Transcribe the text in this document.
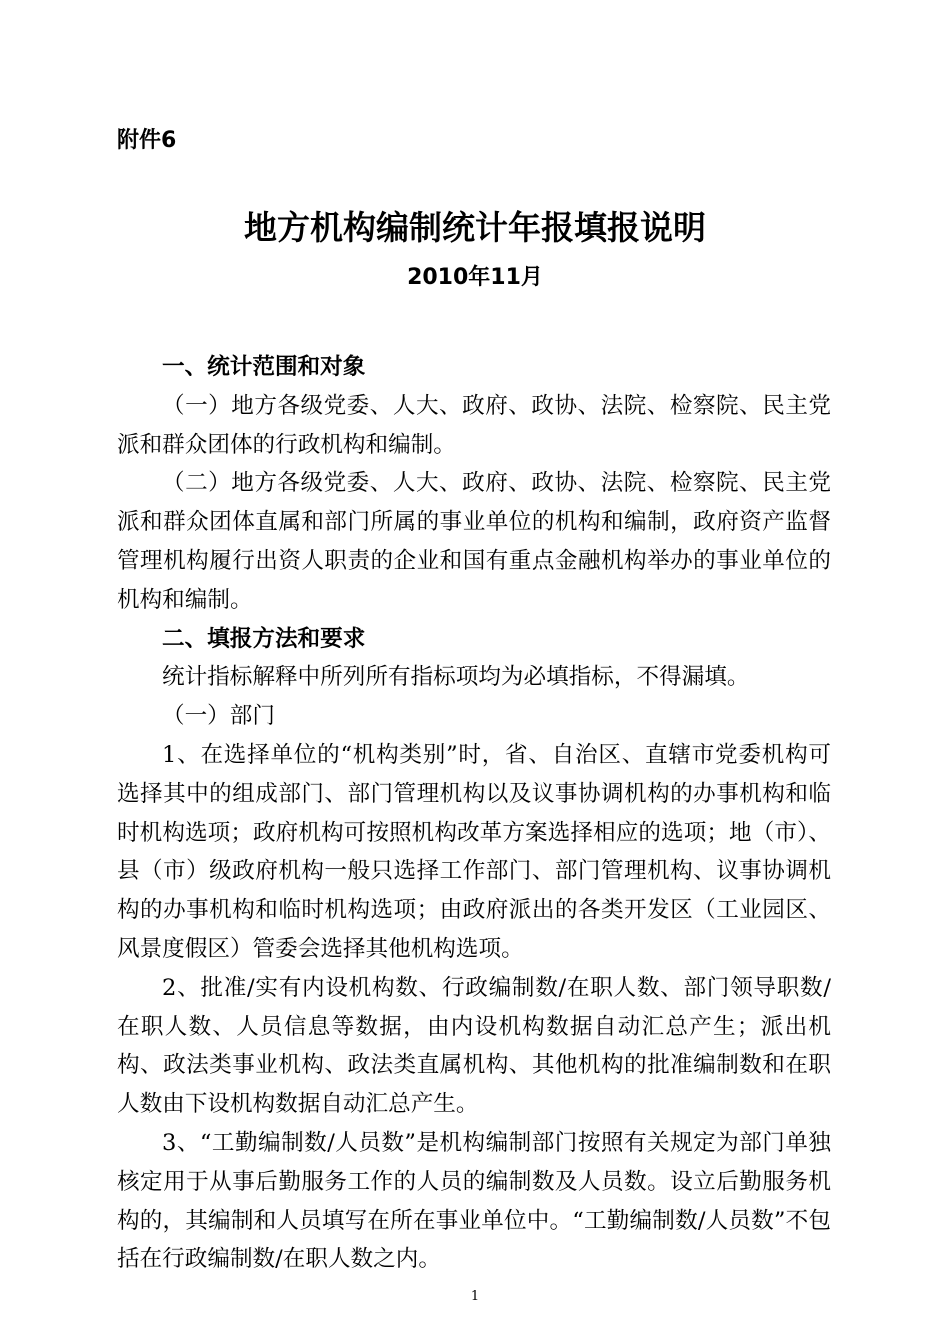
附件6
地方机构编制统计年报填报说明
2010年11月

一、统计范围和对象

（一）地方各级党委、人大、政府、政协、法院、检察院、民主党派和群众团体的行政机构和编制。

（二）地方各级党委、人大、政府、政协、法院、检察院、民主党派和群众团体直属和部门所属的事业单位的机构和编制，政府资产监督管理机构履行出资人职责的企业和国有重点金融机构举办的事业单位的机构和编制。

二、填报方法和要求

统计指标解释中所列所有指标项均为必填指标，不得漏填。

（一）部门

1、在选择单位的“机构类别”时，省、自治区、直辖市党委机构可选择其中的组成部门、部门管理机构以及议事协调机构的办事机构和临时机构选项；政府机构可按照机构改革方案选择相应的选项；地（市）、县（市）级政府机构一般只选择工作部门、部门管理机构、议事协调机构的办事机构和临时机构选项；由政府派出的各类开发区（工业园区、风景度假区）管委会选择其他机构选项。

2、批准/实有内设机构数、行政编制数/在职人数、部门领导职数/在职人数、人员信息等数据，由内设机构数据自动汇总产生；派出机构、政法类事业机构、政法类直属机构、其他机构的批准编制数和在职人数由下设机构数据自动汇总产生。

3、“工勤编制数/人员数”是机构编制部门按照有关规定为部门单独核定用于从事后勤服务工作的人员的编制数及人员数。设立后勤服务机构的，其编制和人员填写在所在事业单位中。“工勤编制数/人员数”不包括在行政编制数/在职人数之内。

1
